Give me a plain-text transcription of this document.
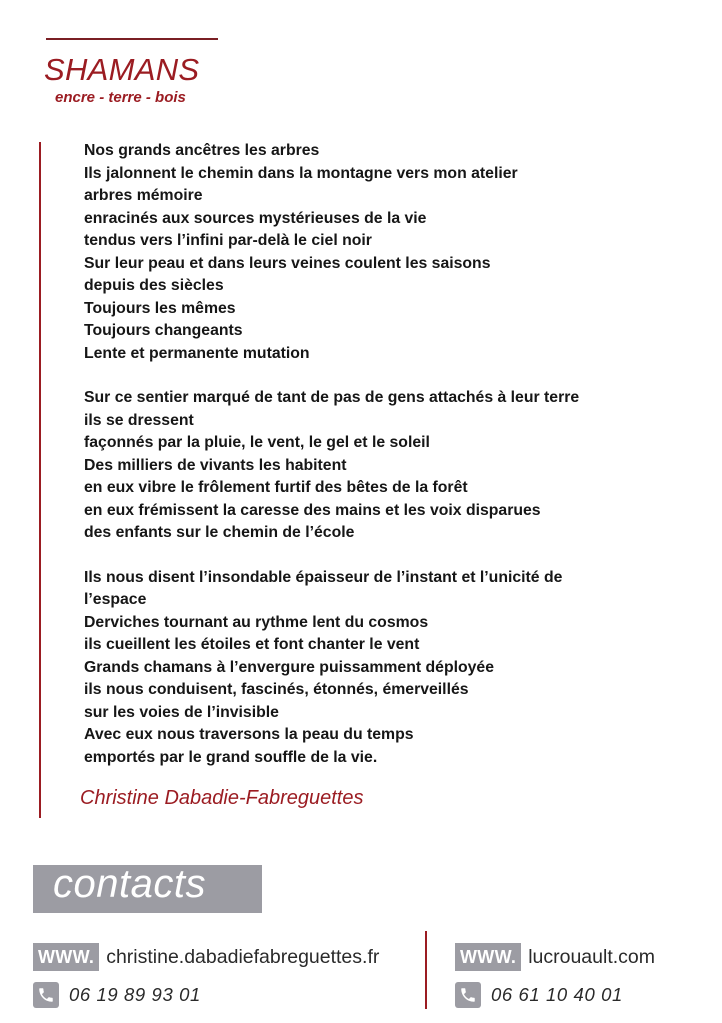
SHAMANS
encre - terre - bois
Nos grands ancêtres les arbres
Ils jalonnent le chemin dans la montagne vers mon atelier
arbres mémoire
enracinés aux sources mystérieuses de la vie
tendus vers l’infini par-delà le ciel noir
Sur leur peau et dans leurs veines coulent les saisons
depuis des siècles
Toujours les mêmes
Toujours changeants
Lente et permanente mutation
Sur ce sentier marqué de tant de pas de gens attachés à leur terre
ils se dressent
façonnés par la pluie, le vent, le gel et le soleil
Des milliers de vivants les habitent
en eux vibre le frôlement furtif des bêtes de la forêt
en eux frémissent la caresse des mains et les voix disparues
des enfants sur le chemin de l’école
Ils nous disent l’insondable épaisseur de l’instant et l’unicité de
l’espace
Derviches tournant au rythme lent du cosmos
ils cueillent les étoiles et font chanter le vent
Grands chamans à l’envergure puissamment déployée
ils nous conduisent, fascinés, étonnés, émerveillés
sur les voies de l’invisible
Avec eux nous traversons la peau du temps
emportés par le grand souffle de la vie.
Christine Dabadie-Fabreguettes
contacts
WWW. christine.dabadiefabreguettes.fr
06 19 89 93 01
WWW. lucrouault.com
06 61 10 40 01
